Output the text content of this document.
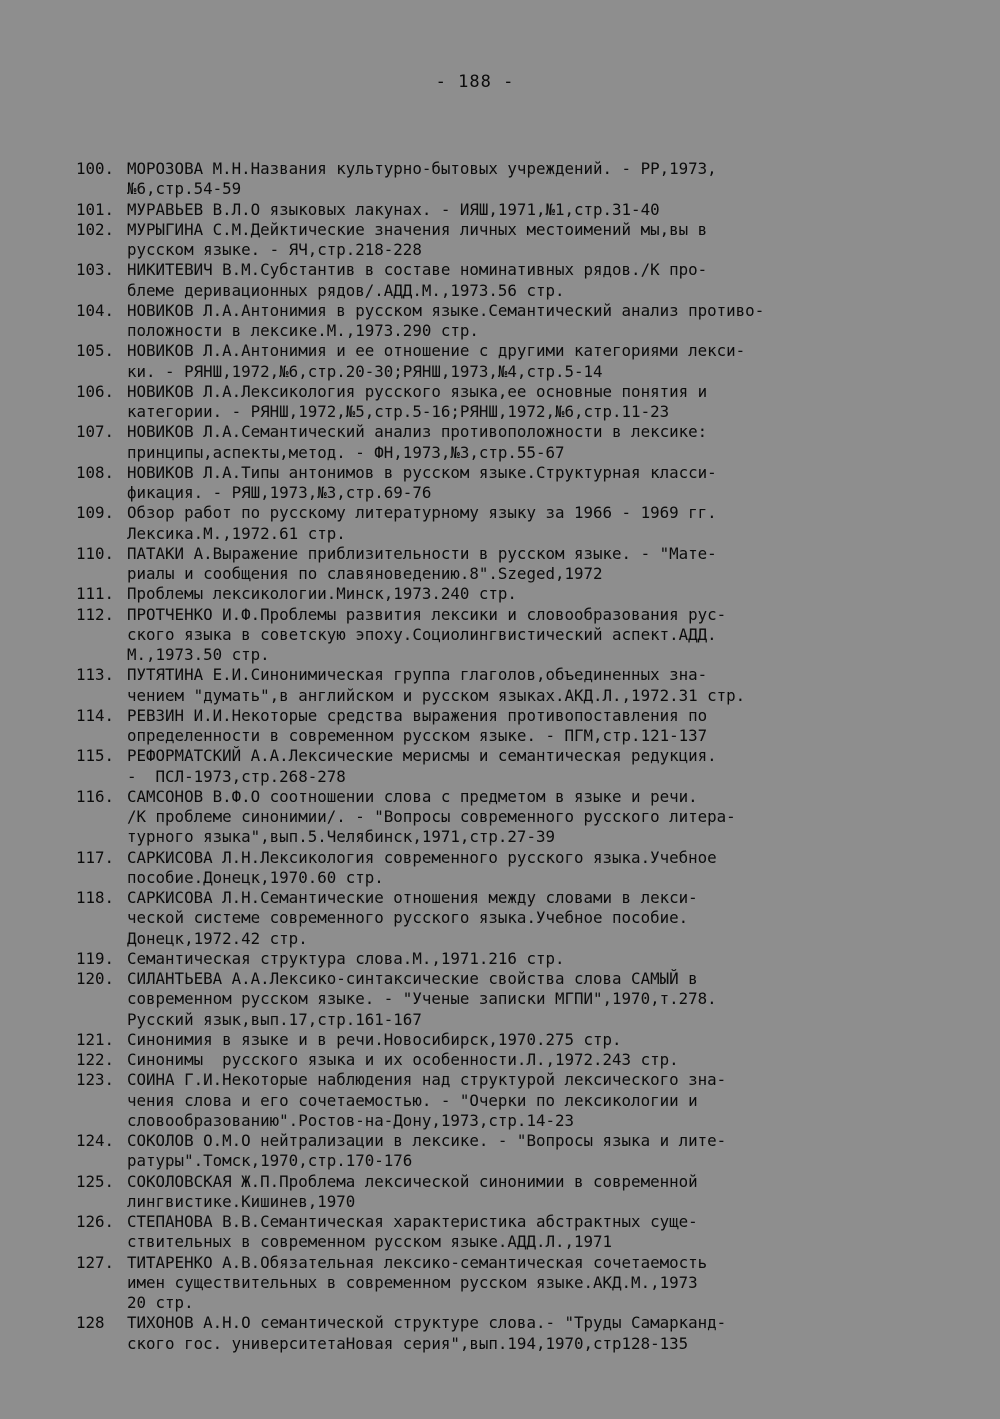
- 188 -
100. МОРОЗОВА М.Н.Названия культурно-бытовых учреждений. - РР,1973,
№6,стр.54-59
101. МУРАВЬЕВ В.Л.О языковых лакунах. - ИЯШ,1971,№1,стр.31-40
102. МУРЫГИНА С.М.Дейктические значения личных местоимений мы,вы в
русском языке. - ЯЧ,стр.218-228
103. НИКИТЕВИЧ В.М.Субстантив в составе номинативных рядов./К про-
блеме деривационных рядов/.АДД.М.,1973.56 стр.
104. НОВИКОВ Л.А.Антонимия в русском языке.Семантический анализ противо-
положности в лексике.М.,1973.290 стр.
105. НОВИКОВ Л.А.Антонимия и ее отношение с другими категориями лекси-
ки. - РЯНШ,1972,№6,стр.20-30;РЯНШ,1973,№4,стр.5-14
106. НОВИКОВ Л.А.Лексикология русского языка,ее основные понятия и
категории. - РЯНШ,1972,№5,стр.5-16;РЯНШ,1972,№6,стр.11-23
107. НОВИКОВ Л.А.Семантический анализ противоположности в лексике:
принципы,аспекты,метод. - ФН,1973,№3,стр.55-67
108. НОВИКОВ Л.А.Типы антонимов в русском языке.Структурная класси-
фикация. - РЯШ,1973,№3,стр.69-76
109. Обзор работ по русскому литературному языку за 1966 - 1969 гг.
Лексика.М.,1972.61 стр.
110. ПАТАКИ А.Выражение приблизительности в русском языке. - "Мате-
риалы и сообщения по славяноведению.8".Szeged,1972
111. Проблемы лексикологии.Минск,1973.240 стр.
112. ПРОТЧЕНКО И.Ф.Проблемы развития лексики и словообразования рус-
ского языка в советскую эпоху.Социолингвистический аспект.АДД.
М.,1973.50 стр.
113. ПУТЯТИНА Е.И.Синонимическая группа глаголов,объединенных зна-
чением "думать",в английском и русском языках.АКД.Л.,1972.31 стр.
114. РЕВЗИН И.И.Некоторые средства выражения противопоставления по
определенности в современном русском языке. - ПГМ,стр.121-137
115. РЕФОРМАТСКИЙ А.А.Лексические мерисмы и семантическая редукция.
-  ПСЛ-1973,стр.268-278
116. САМСОНОВ В.Ф.О соотношении слова с предметом в языке и речи.
/К проблеме синонимии/. - "Вопросы современного русского литера-
турного языка",вып.5.Челябинск,1971,стр.27-39
117. САРКИСОВА Л.Н.Лексикология современного русского языка.Учебное
пособие.Донецк,1970.60 стр.
118. САРКИСОВА Л.Н.Семантические отношения между словами в лекси-
ческой системе современного русского языка.Учебное пособие.
Донецк,1972.42 стр.
119. Семантическая структура слова.М.,1971.216 стр.
120. СИЛАНТЬЕВА А.А.Лексико-синтаксические свойства слова САМЫЙ в
современном русском языке. - "Ученые записки МГПИ",1970,т.278.
Русский язык,вып.17,стр.161-167
121. Синонимия в языке и в речи.Новосибирск,1970.275 стр.
122. Синонимы  русского языка и их особенности.Л.,1972.243 стр.
123. СОИНА Г.И.Некоторые наблюдения над структурой лексического зна-
чения слова и его сочетаемостью. - "Очерки по лексикологии и
словообразованию".Ростов-на-Дону,1973,стр.14-23
124. СОКОЛОВ О.М.О нейтрализации в лексике. - "Вопросы языка и лите-
ратуры".Томск,1970,стр.170-176
125. СОКОЛОВСКАЯ Ж.П.Проблема лексической синонимии в современной
лингвистике.Кишинев,1970
126. СТЕПАНОВА В.В.Семантическая характеристика абстрактных суще-
ствительных в современном русском языке.АДД.Л.,1971
127. ТИТАРЕНКО А.В.Обязательная лексико-семантическая сочетаемость
имен существительных в современном русском языке.АКД.М.,1973
20 стр.
128	ТИХОНОВ А.Н.О семантической структуре слова.- "Труды Самарканд-
ского гос. университетаНовая серия",вып.194,1970,стр128-135
